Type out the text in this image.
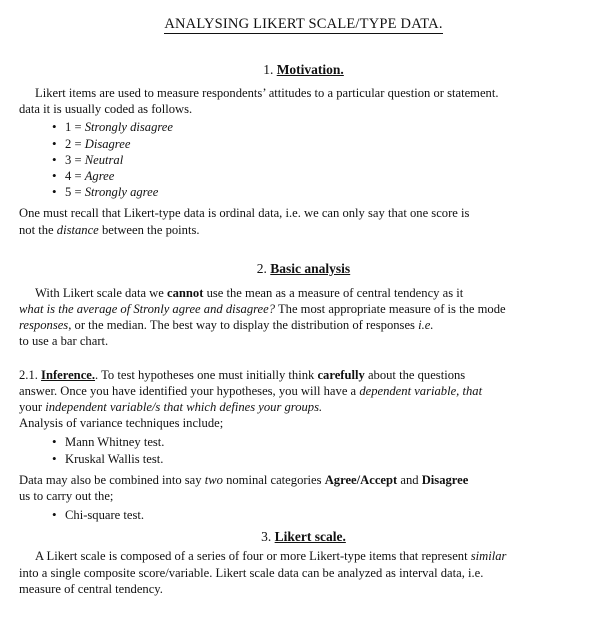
ANALYSING LIKERT SCALE/TYPE DATA.
1. Motivation.

Likert items are used to measure respondents’ attitudes to a particular question or statement.

data it is usually coded as follows.

• 1 = Strongly disagree
• 2 = Disagree
• 3 = Neutral
• 4 = Agree
• 5 = Strongly agree

One must recall that Likert-type data is ordinal data, i.e. we can only say that one score is

not the distance between the points.

2. Basic analysis

With Likert scale data we cannot use the mean as a measure of central tendency as it

what is the average of Stronly agree and disagree? The most appropriate measure of is the mode

responses, or the median. The best way to display the distribution of responses i.e.

to use a bar chart.

2.1. Inference.. To test hypotheses one must initially think carefully about the questions

answer. Once you have identified your hypotheses, you will have a dependent variable, that

your independent variable/s that which defines your groups.

Analysis of variance techniques include;

• Mann Whitney test.
• Kruskal Wallis test.

Data may also be combined into say two nominal categories Agree/Accept and Disagree

us to carry out the;

• Chi-square test.
3. Likert scale.

A Likert scale is composed of a series of four or more Likert-type items that represent similar

into a single composite score/variable. Likert scale data can be analyzed as interval data, i.e.

measure of central tendency.
